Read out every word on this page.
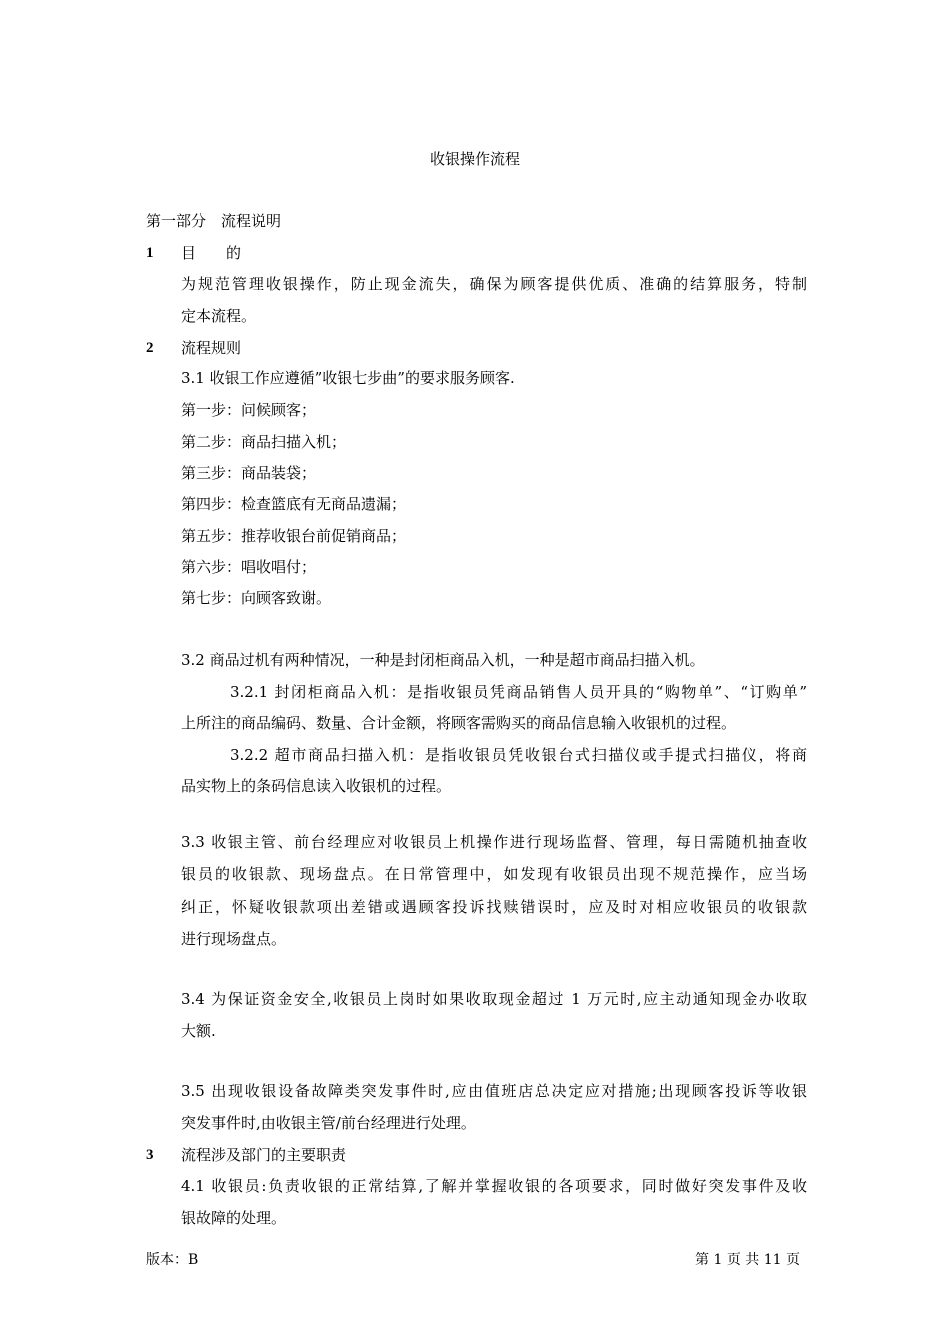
收银操作流程
第一部分　流程说明
1 目　　的
为规范管理收银操作，防止现金流失，确保为顾客提供优质、准确的结算服务，特制
定本流程。
2 流程规则
3.1 收银工作应遵循”收银七步曲”的要求服务顾客.
第一步：问候顾客；
第二步：商品扫描入机；
第三步：商品装袋；
第四步：检查篮底有无商品遗漏；
第五步：推荐收银台前促销商品；
第六步：唱收唱付；
第七步：向顾客致谢。
3.2 商品过机有两种情况，一种是封闭柜商品入机，一种是超市商品扫描入机。
3.2.1 封闭柜商品入机：是指收银员凭商品销售人员开具的“购物单”、“订购单”
上所注的商品编码、数量、合计金额，将顾客需购买的商品信息输入收银机的过程。
3.2.2 超市商品扫描入机：是指收银员凭收银台式扫描仪或手提式扫描仪，将商
品实物上的条码信息读入收银机的过程。
3.3 收银主管、前台经理应对收银员上机操作进行现场监督、管理，每日需随机抽查收
银员的收银款、现场盘点。在日常管理中，如发现有收银员出现不规范操作，应当场
纠正，怀疑收银款项出差错或遇顾客投诉找赎错误时，应及时对相应收银员的收银款
进行现场盘点。
3.4 为保证资金安全,收银员上岗时如果收取现金超过 1 万元时,应主动通知现金办收取
大额.
3.5 出现收银设备故障类突发事件时,应由值班店总决定应对措施;出现顾客投诉等收银
突发事件时,由收银主管/前台经理进行处理。
3 流程涉及部门的主要职责
4.1 收银员:负责收银的正常结算,了解并掌握收银的各项要求，同时做好突发事件及收
银故障的处理。
版本：B	第 1 页 共 11 页
